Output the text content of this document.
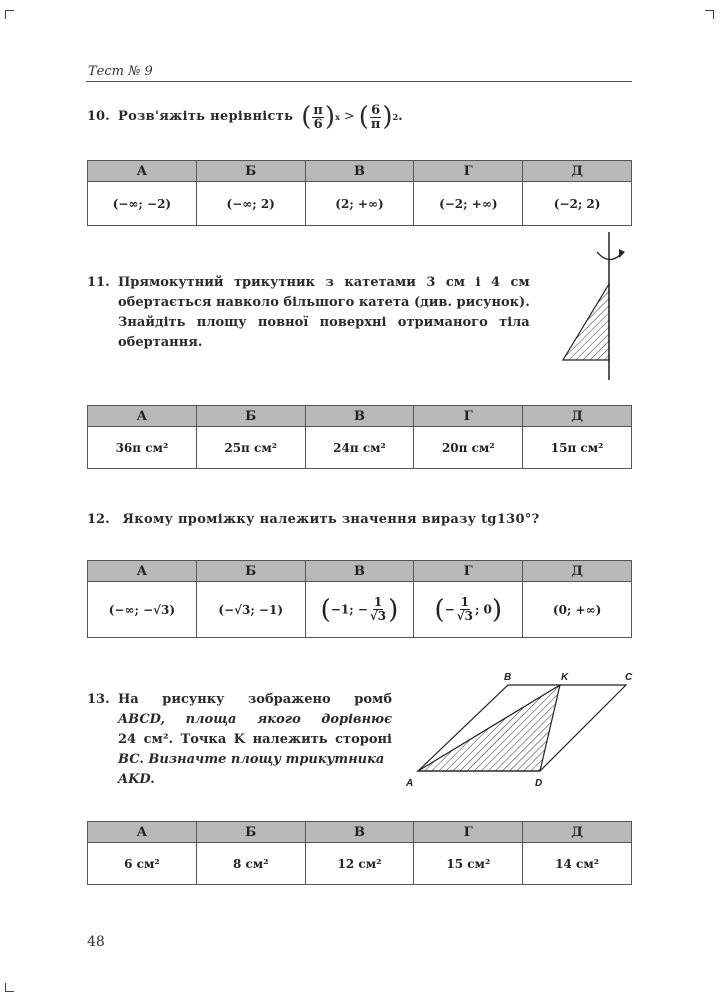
Тест № 9
10. Розв'яжіть нерівність ( $\frac{\pi}{6}$ ) x > ( $\frac{6}{\pi}$ ) 2 .
А	Б	В	Г	Д
(−∞; −2)	(−∞; 2)	(2; +∞)	(−2; +∞)	(−2; 2)
11. Прямокутний трикутник з катетами 3 см і 4 см
обертається навколо більшого катета (див. рисунок).
Знайдіть площу повної поверхні отриманого тіла
обертання.
А	Б	В	Г	Д
36π см²	25π см²	24π см²	20π см²	15π см²
12. Якому проміжку належить значення виразу tg130°?
А	Б	В	Г	Д
(−∞; −√3)	(−√3; −1)	(−1; − $\frac{1}{√3}$ )	(− $\frac{1}{√3}$ ; 0)	(0; +∞)
13. На рисунку зображено ромб
ABCD, площа якого дорівнює
24 см². Точка K належить стороні
BC. Визначте площу трикутника
AKD.
B	K	C
A	D
А	Б	В	Г	Д
6 см²	8 см²	12 см²	15 см²	14 см²
48
